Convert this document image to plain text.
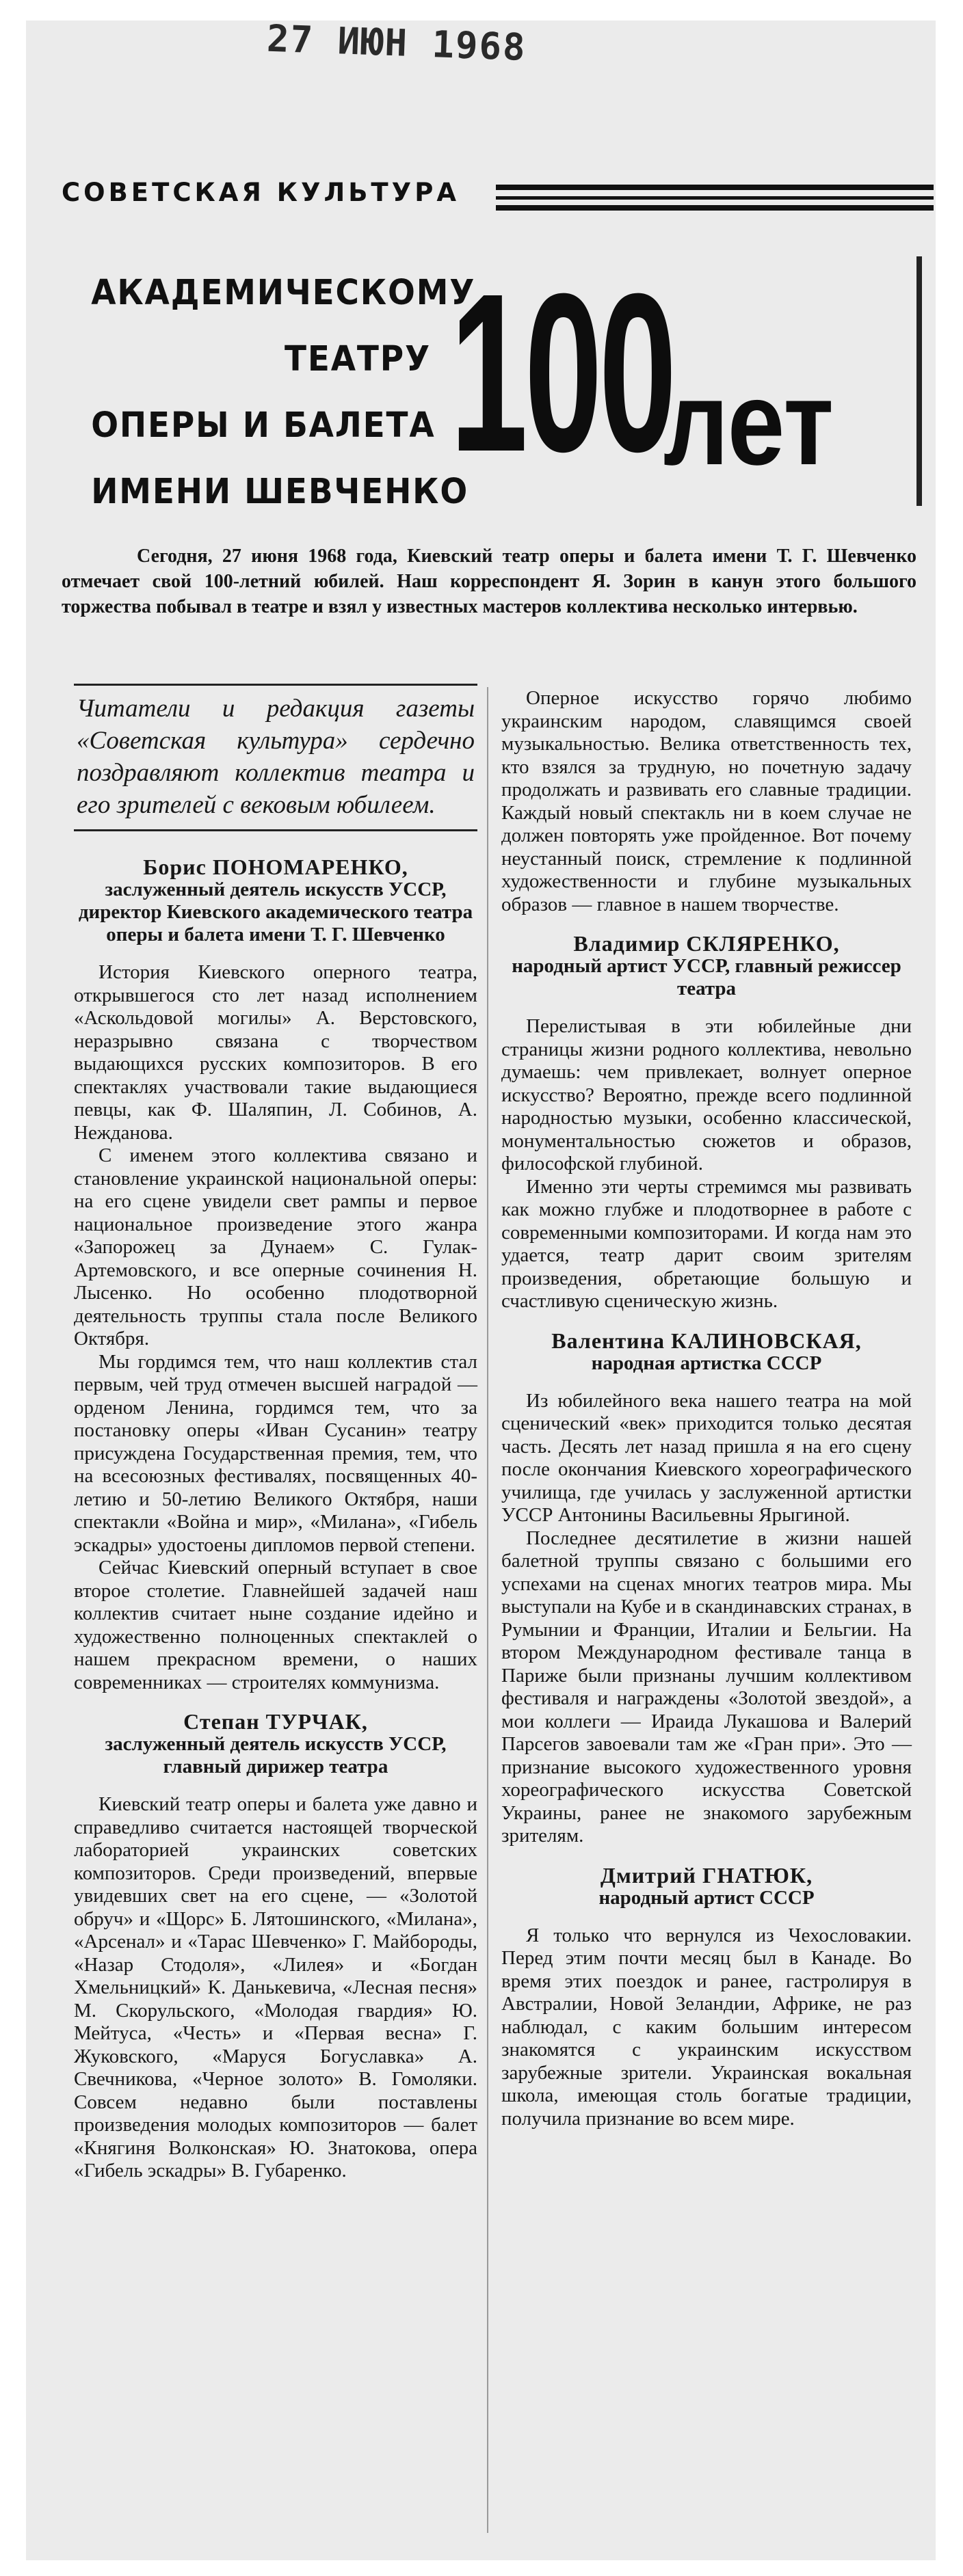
27 ИЮН 1968
СОВЕТСКАЯ КУЛЬТУРА
АКАДЕМИЧЕСКОМУ
ТЕАТРУ
ОПЕРЫ И БАЛЕТА
ИМЕНИ ШЕВЧЕНКО
100
лет
Сегодня, 27 июня 1968 года, Киевский театр оперы и балета имени Т. Г. Шевченко отмечает свой 100-летний юбилей. Наш корреспондент Я. Зорин в канун этого большого торжества побывал в театре и взял у известных мастеров коллектива несколько интервью.

Читатели и редакция газеты «Советская культура» сердечно поздравляют коллектив театра и его зрителей с вековым юбилеем.

Борис ПОНОМАРЕНКО,
заслуженный деятель искусств УССР, директор Киевского академического театра оперы и балета имени Т. Г. Шевченко

История Киевского оперного театра, открывшегося сто лет назад исполнением «Аскольдовой могилы» А. Верстовского, неразрывно связана с творчеством выдающихся русских композиторов. В его спектаклях участвовали такие выдающиеся певцы, как Ф. Шаляпин, Л. Собинов, А. Нежданова.

С именем этого коллектива связано и становление украинской национальной оперы: на его сцене увидели свет рампы и первое национальное произведение этого жанра «Запорожец за Дунаем» С. Гулак-Артемовского, и все оперные сочинения Н. Лысенко. Но особенно плодотворной деятельность труппы стала после Великого Октября.

Мы гордимся тем, что наш коллектив стал первым, чей труд отмечен высшей наградой — орденом Ленина, гордимся тем, что за постановку оперы «Иван Сусанин» театру присуждена Государственная премия, тем, что на всесоюзных фестивалях, посвященных 40-летию и 50-летию Великого Октября, наши спектакли «Война и мир», «Милана», «Гибель эскадры» удостоены дипломов первой степени.

Сейчас Киевский оперный вступает в свое второе столетие. Главнейшей задачей наш коллектив считает ныне создание идейно и художественно полноценных спектаклей о нашем прекрасном времени, о наших современниках — строителях коммунизма.

Степан ТУРЧАК,
заслуженный деятель искусств УССР, главный дирижер театра

Киевский театр оперы и балета уже давно и справедливо считается настоящей творческой лабораторией украинских советских композиторов. Среди произведений, впервые увидевших свет на его сцене, — «Золотой обруч» и «Щорс» Б. Лятошинского, «Милана», «Арсенал» и «Тарас Шевченко» Г. Майбороды, «Назар Стодоля», «Лилея» и «Богдан Хмельницкий» К. Данькевича, «Лесная песня» М. Скорульского, «Молодая гвардия» Ю. Мейтуса, «Честь» и «Первая весна» Г. Жуковского, «Маруся Богуславка» А. Свечникова, «Черное золото» В. Гомоляки. Совсем недавно были поставлены произведения молодых композиторов — балет «Княгиня Волконская» Ю. Знатокова, опера «Гибель эскадры» В. Губаренко.

Оперное искусство горячо любимо украинским народом, славящимся своей музыкальностью. Велика ответственность тех, кто взялся за трудную, но почетную задачу продолжать и развивать его славные традиции. Каждый новый спектакль ни в коем случае не должен повторять уже пройденное. Вот почему неустанный поиск, стремление к подлинной художественности и глубине музыкальных образов — главное в нашем творчестве.

Владимир СКЛЯРЕНКО,
народный артист УССР, главный режиссер театра

Перелистывая в эти юбилейные дни страницы жизни родного коллектива, невольно думаешь: чем привлекает, волнует оперное искусство? Вероятно, прежде всего подлинной народностью музыки, особенно классической, монументальностью сюжетов и образов, философской глубиной.

Именно эти черты стремимся мы развивать как можно глубже и плодотворнее в работе с современными композиторами. И когда нам это удается, театр дарит своим зрителям произведения, обретающие большую и счастливую сценическую жизнь.

Валентина КАЛИНОВСКАЯ,
народная артистка СССР

Из юбилейного века нашего театра на мой сценический «век» приходится только десятая часть. Десять лет назад пришла я на его сцену после окончания Киевского хореографического училища, где училась у заслуженной артистки УССР Антонины Васильевны Ярыгиной.

Последнее десятилетие в жизни нашей балетной труппы связано с большими его успехами на сценах многих театров мира. Мы выступали на Кубе и в скандинавских странах, в Румынии и Франции, Италии и Бельгии. На втором Международном фестивале танца в Париже были признаны лучшим коллективом фестиваля и награждены «Золотой звездой», а мои коллеги — Ираида Лукашова и Валерий Парсегов завоевали там же «Гран при». Это — признание высокого художественного уровня хореографического искусства Советской Украины, ранее не знакомого зарубежным зрителям.

Дмитрий ГНАТЮК,
народный артист СССР

Я только что вернулся из Чехословакии. Перед этим почти месяц был в Канаде. Во время этих поездок и ранее, гастролируя в Австралии, Новой Зеландии, Африке, не раз наблюдал, с каким большим интересом знакомятся с украинским искусством зарубежные зрители. Украинская вокальная школа, имеющая столь богатые традиции, получила признание во всем мире.
